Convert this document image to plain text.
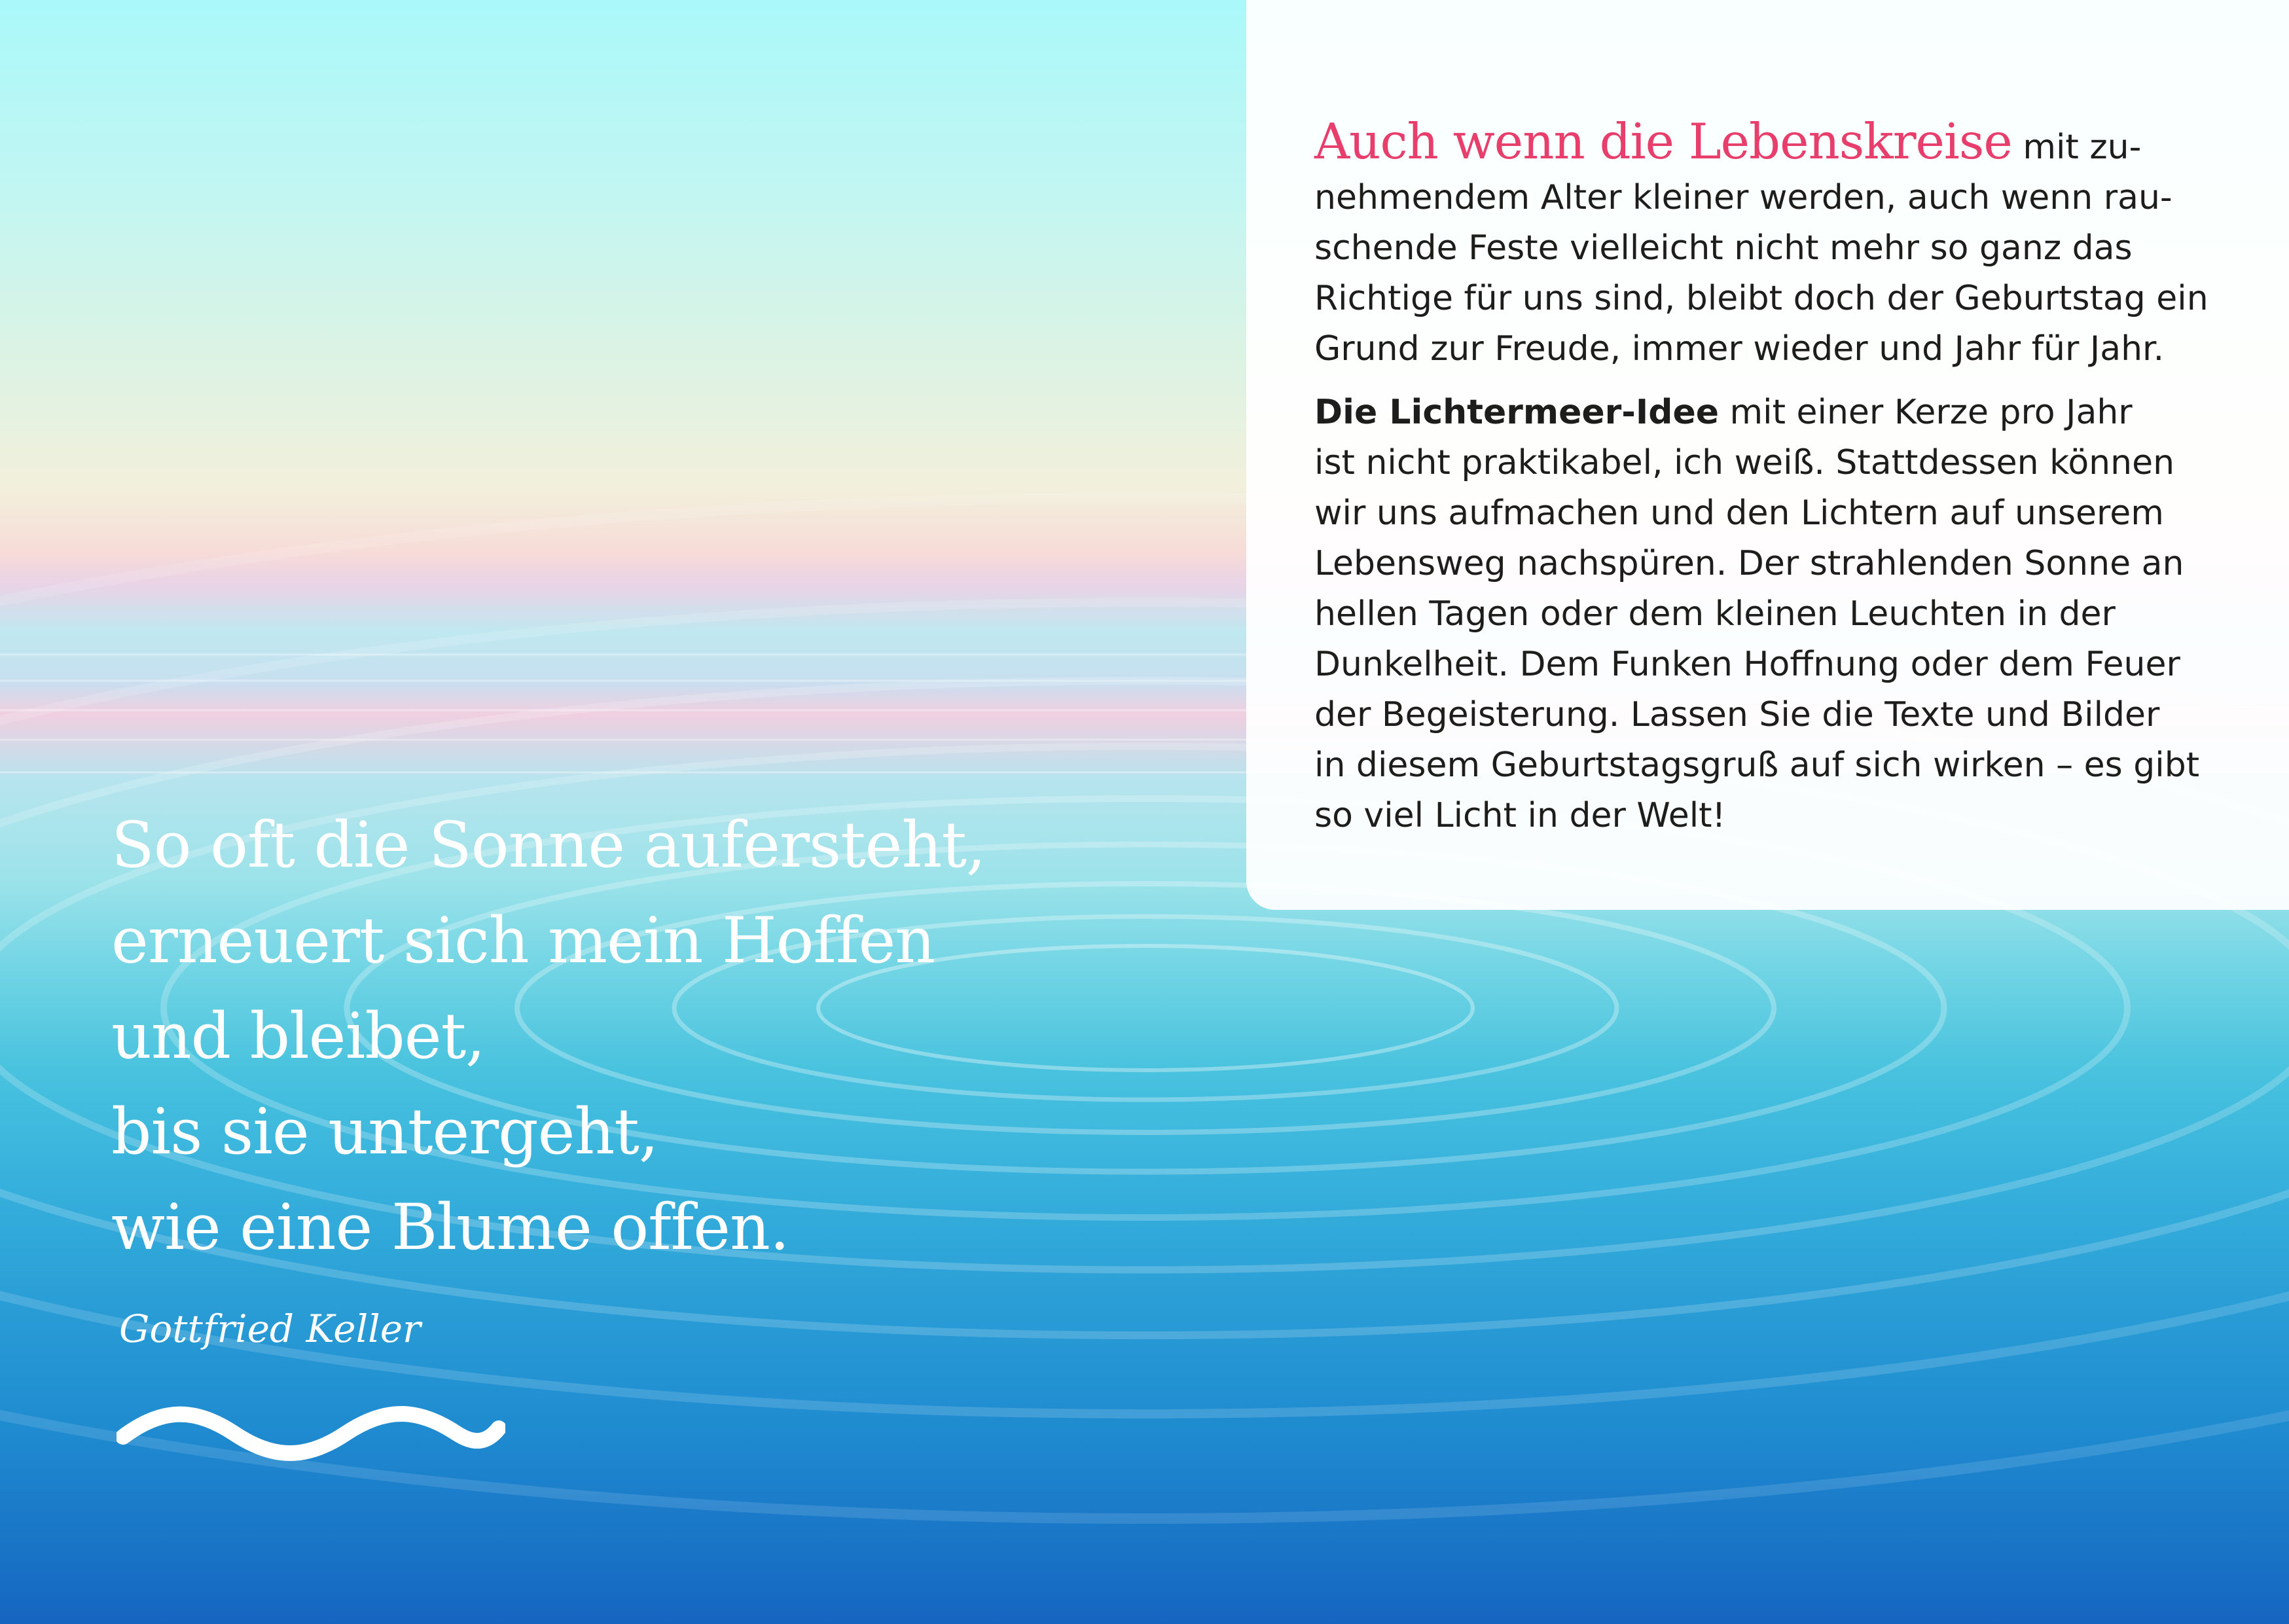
Auch wenn die Lebenskreise mit zu-
nehmendem Alter kleiner werden, auch wenn rau-
schende Feste vielleicht nicht mehr so ganz das
Richtige für uns sind, bleibt doch der Geburtstag ein
Grund zur Freude, immer wieder und Jahr für Jahr.

Die Lichtermeer-Idee mit einer Kerze pro Jahr
ist nicht praktikabel, ich weiß. Stattdessen können
wir uns aufmachen und den Lichtern auf unserem
Lebensweg nachspüren. Der strahlenden Sonne an
hellen Tagen oder dem kleinen Leuchten in der
Dunkelheit. Dem Funken Hoffnung oder dem Feuer
der Begeisterung. Lassen Sie die Texte und Bilder
in diesem Geburtstagsgruß auf sich wirken – es gibt
so viel Licht in der Welt!

So oft die Sonne aufersteht,
erneuert sich mein Hoffen
und bleibet,
bis sie untergeht,
wie eine Blume offen.
Gottfried Keller
